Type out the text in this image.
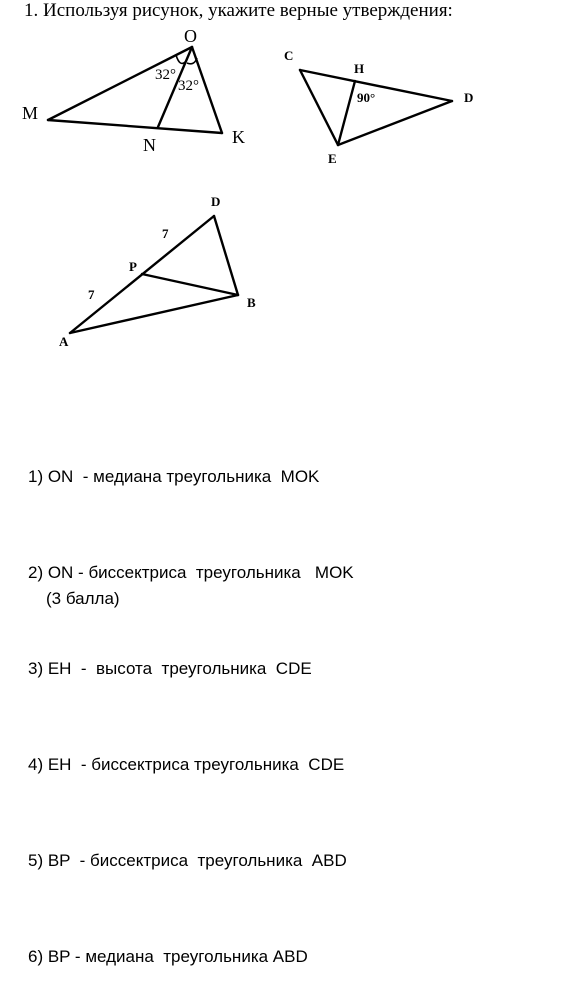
1. Используя рисунок, укажите верные утверждения:
O
M
N	K
32°
32°
C
H
D
E
90°
D
P
B
A
7
7

1) ON  - медиана треугольника  MOK

2) ON - биссектриса  треугольника   MOK

3) EH  -  высота  треугольника  CDE

4) EH  - биссектриса треугольника  CDE

5) BP  - биссектриса  треугольника  ABD

6) BP - медиана  треугольника ABD

(3 балла)
